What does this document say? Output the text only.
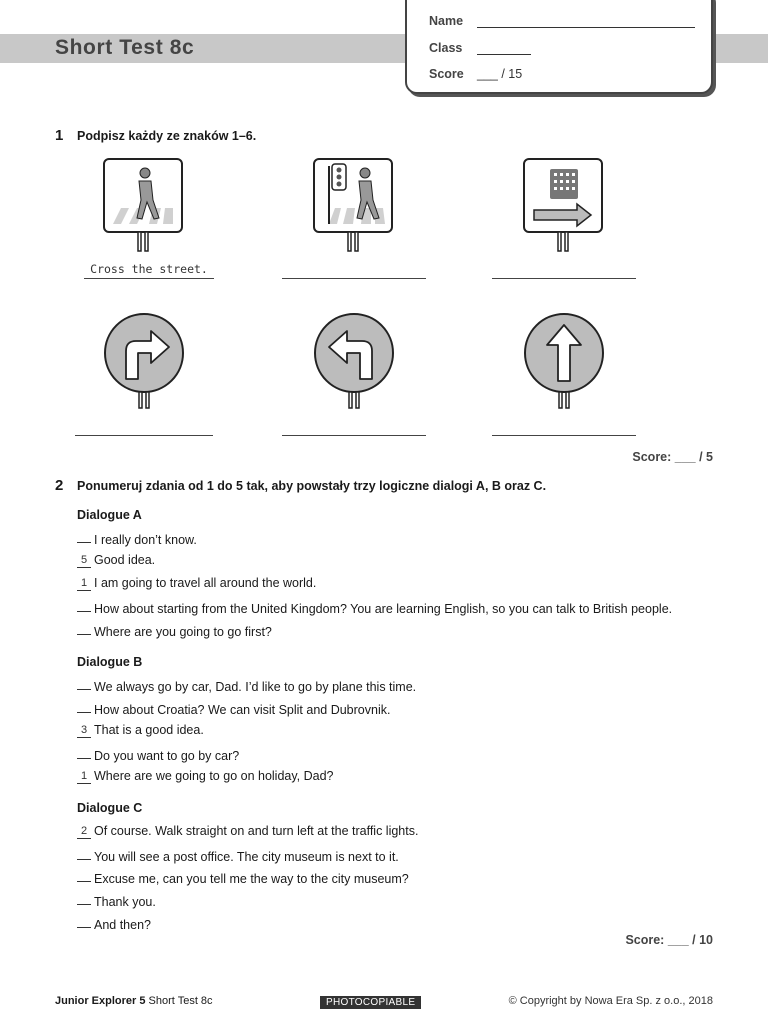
Short Test 8c
Name
Class
Score ___ / 15
1 Podpisz każdy ze znaków 1–6.
Cross the street.
Score: ___ / 5
2 Ponumeruj zdania od 1 do 5 tak, aby powstały trzy logiczne dialogi A, B oraz C.
Dialogue A
I really don’t know.
5 Good idea.
1 I am going to travel all around the world.
How about starting from the United Kingdom? You are learning English, so you can talk to British people.
Where are you going to go first?
Dialogue B
We always go by car, Dad. I’d like to go by plane this time.
How about Croatia? We can visit Split and Dubrovnik.
3 That is a good idea.
Do you want to go by car?
1 Where are we going to go on holiday, Dad?
Dialogue C
2 Of course. Walk straight on and turn left at the traffic lights.
You will see a post office. The city museum is next to it.
Excuse me, can you tell me the way to the city museum?
Thank you.
And then?
Score: ___ / 10
Junior Explorer 5 Short Test 8c	PHOTOCOPIABLE	© Copyright by Nowa Era Sp. z o.o., 2018
